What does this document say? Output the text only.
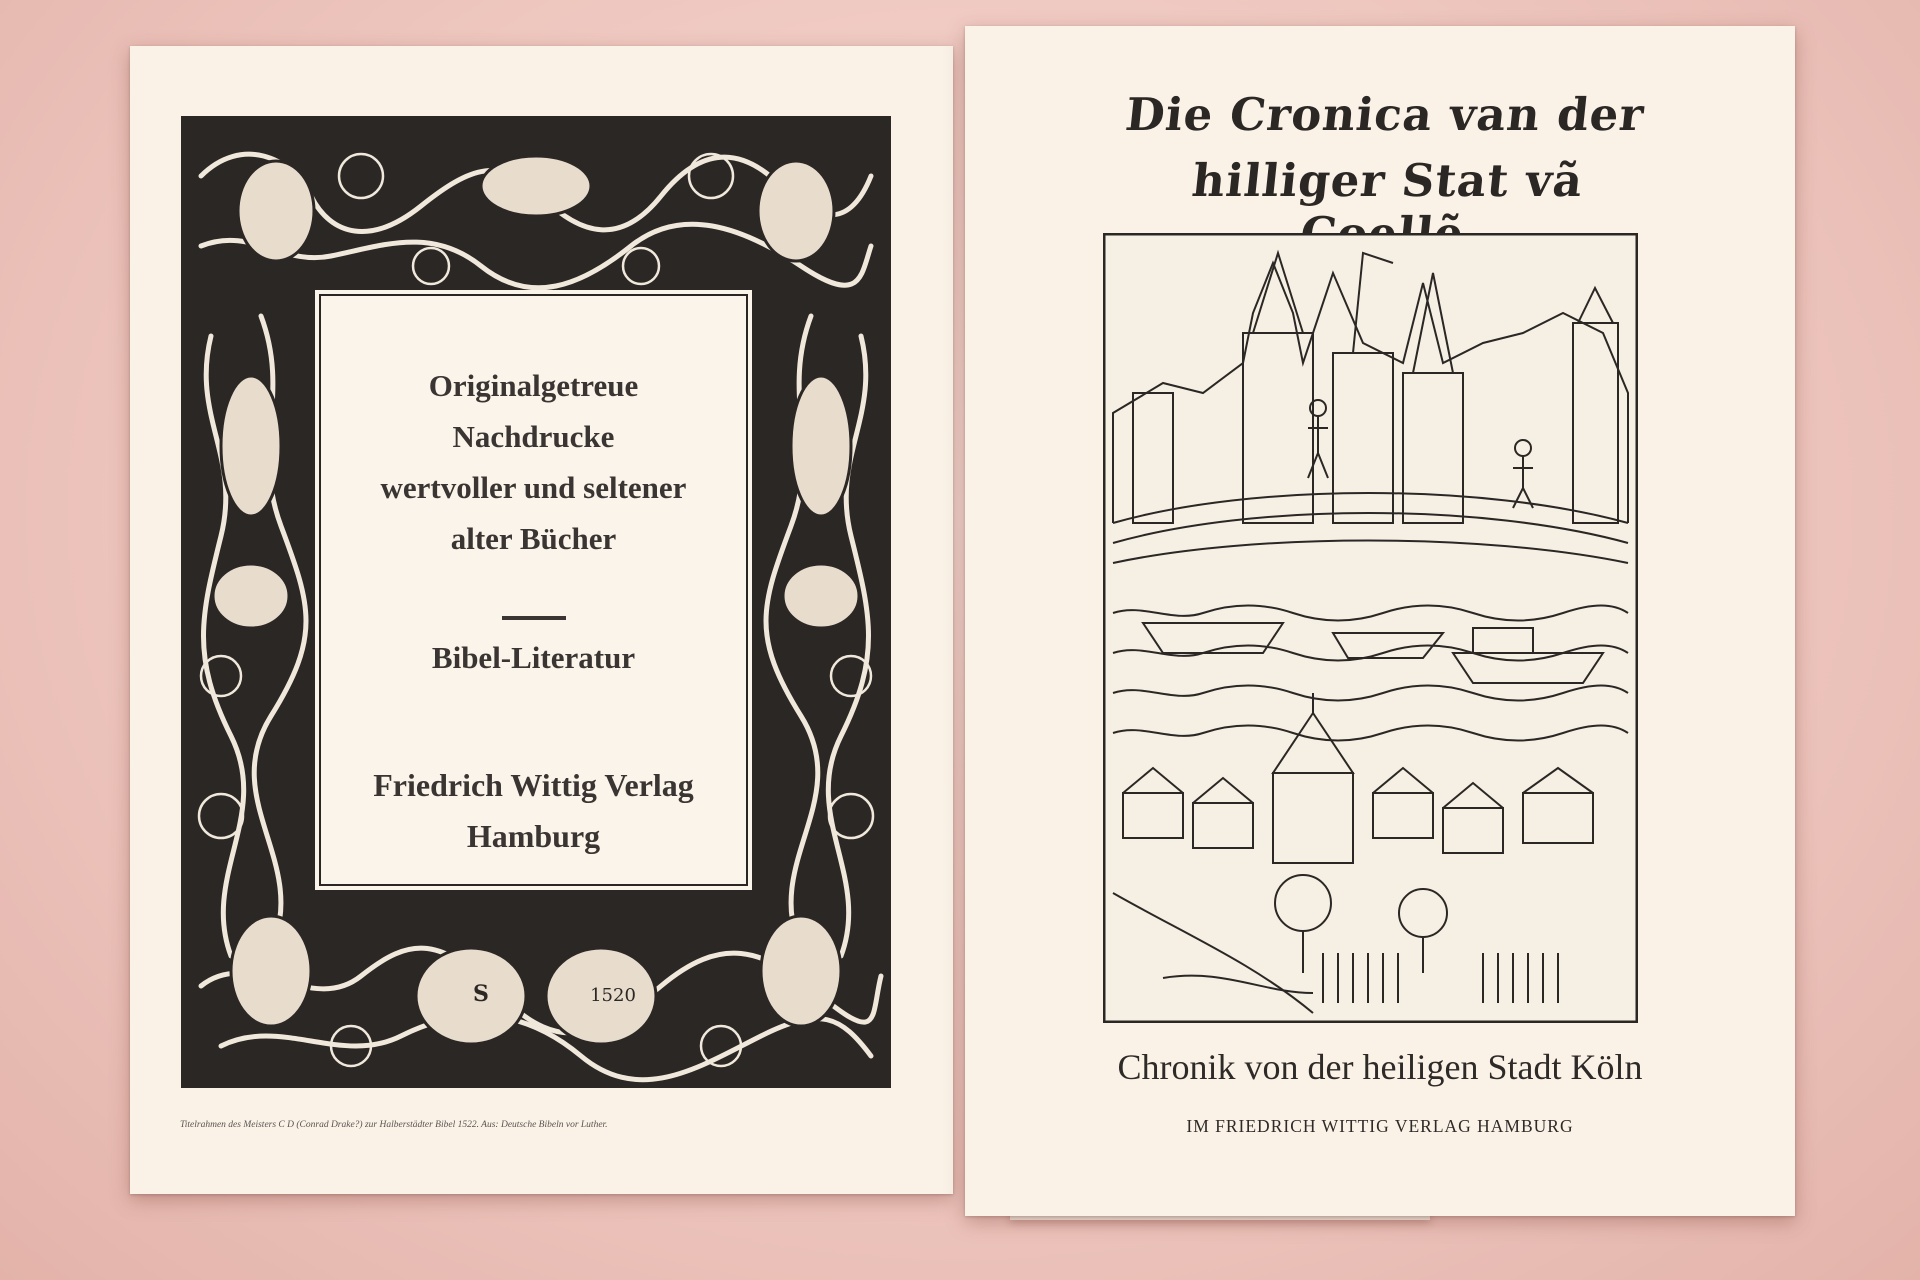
S	1520
Originalgetreue
Nachdrucke
wertvoller und seltener
alter Bücher
Bibel-Literatur
Friedrich Wittig Verlag
Hamburg
Titelrahmen des Meisters C D (Conrad Drake?) zur Halberstädter Bibel 1522. Aus: Deutsche Bibeln vor Luther.
Die Cronica van der
hilliger Stat vã
Chronik von der heiligen Stadt Köln
IM FRIEDRICH WITTIG VERLAG HAMBURG
